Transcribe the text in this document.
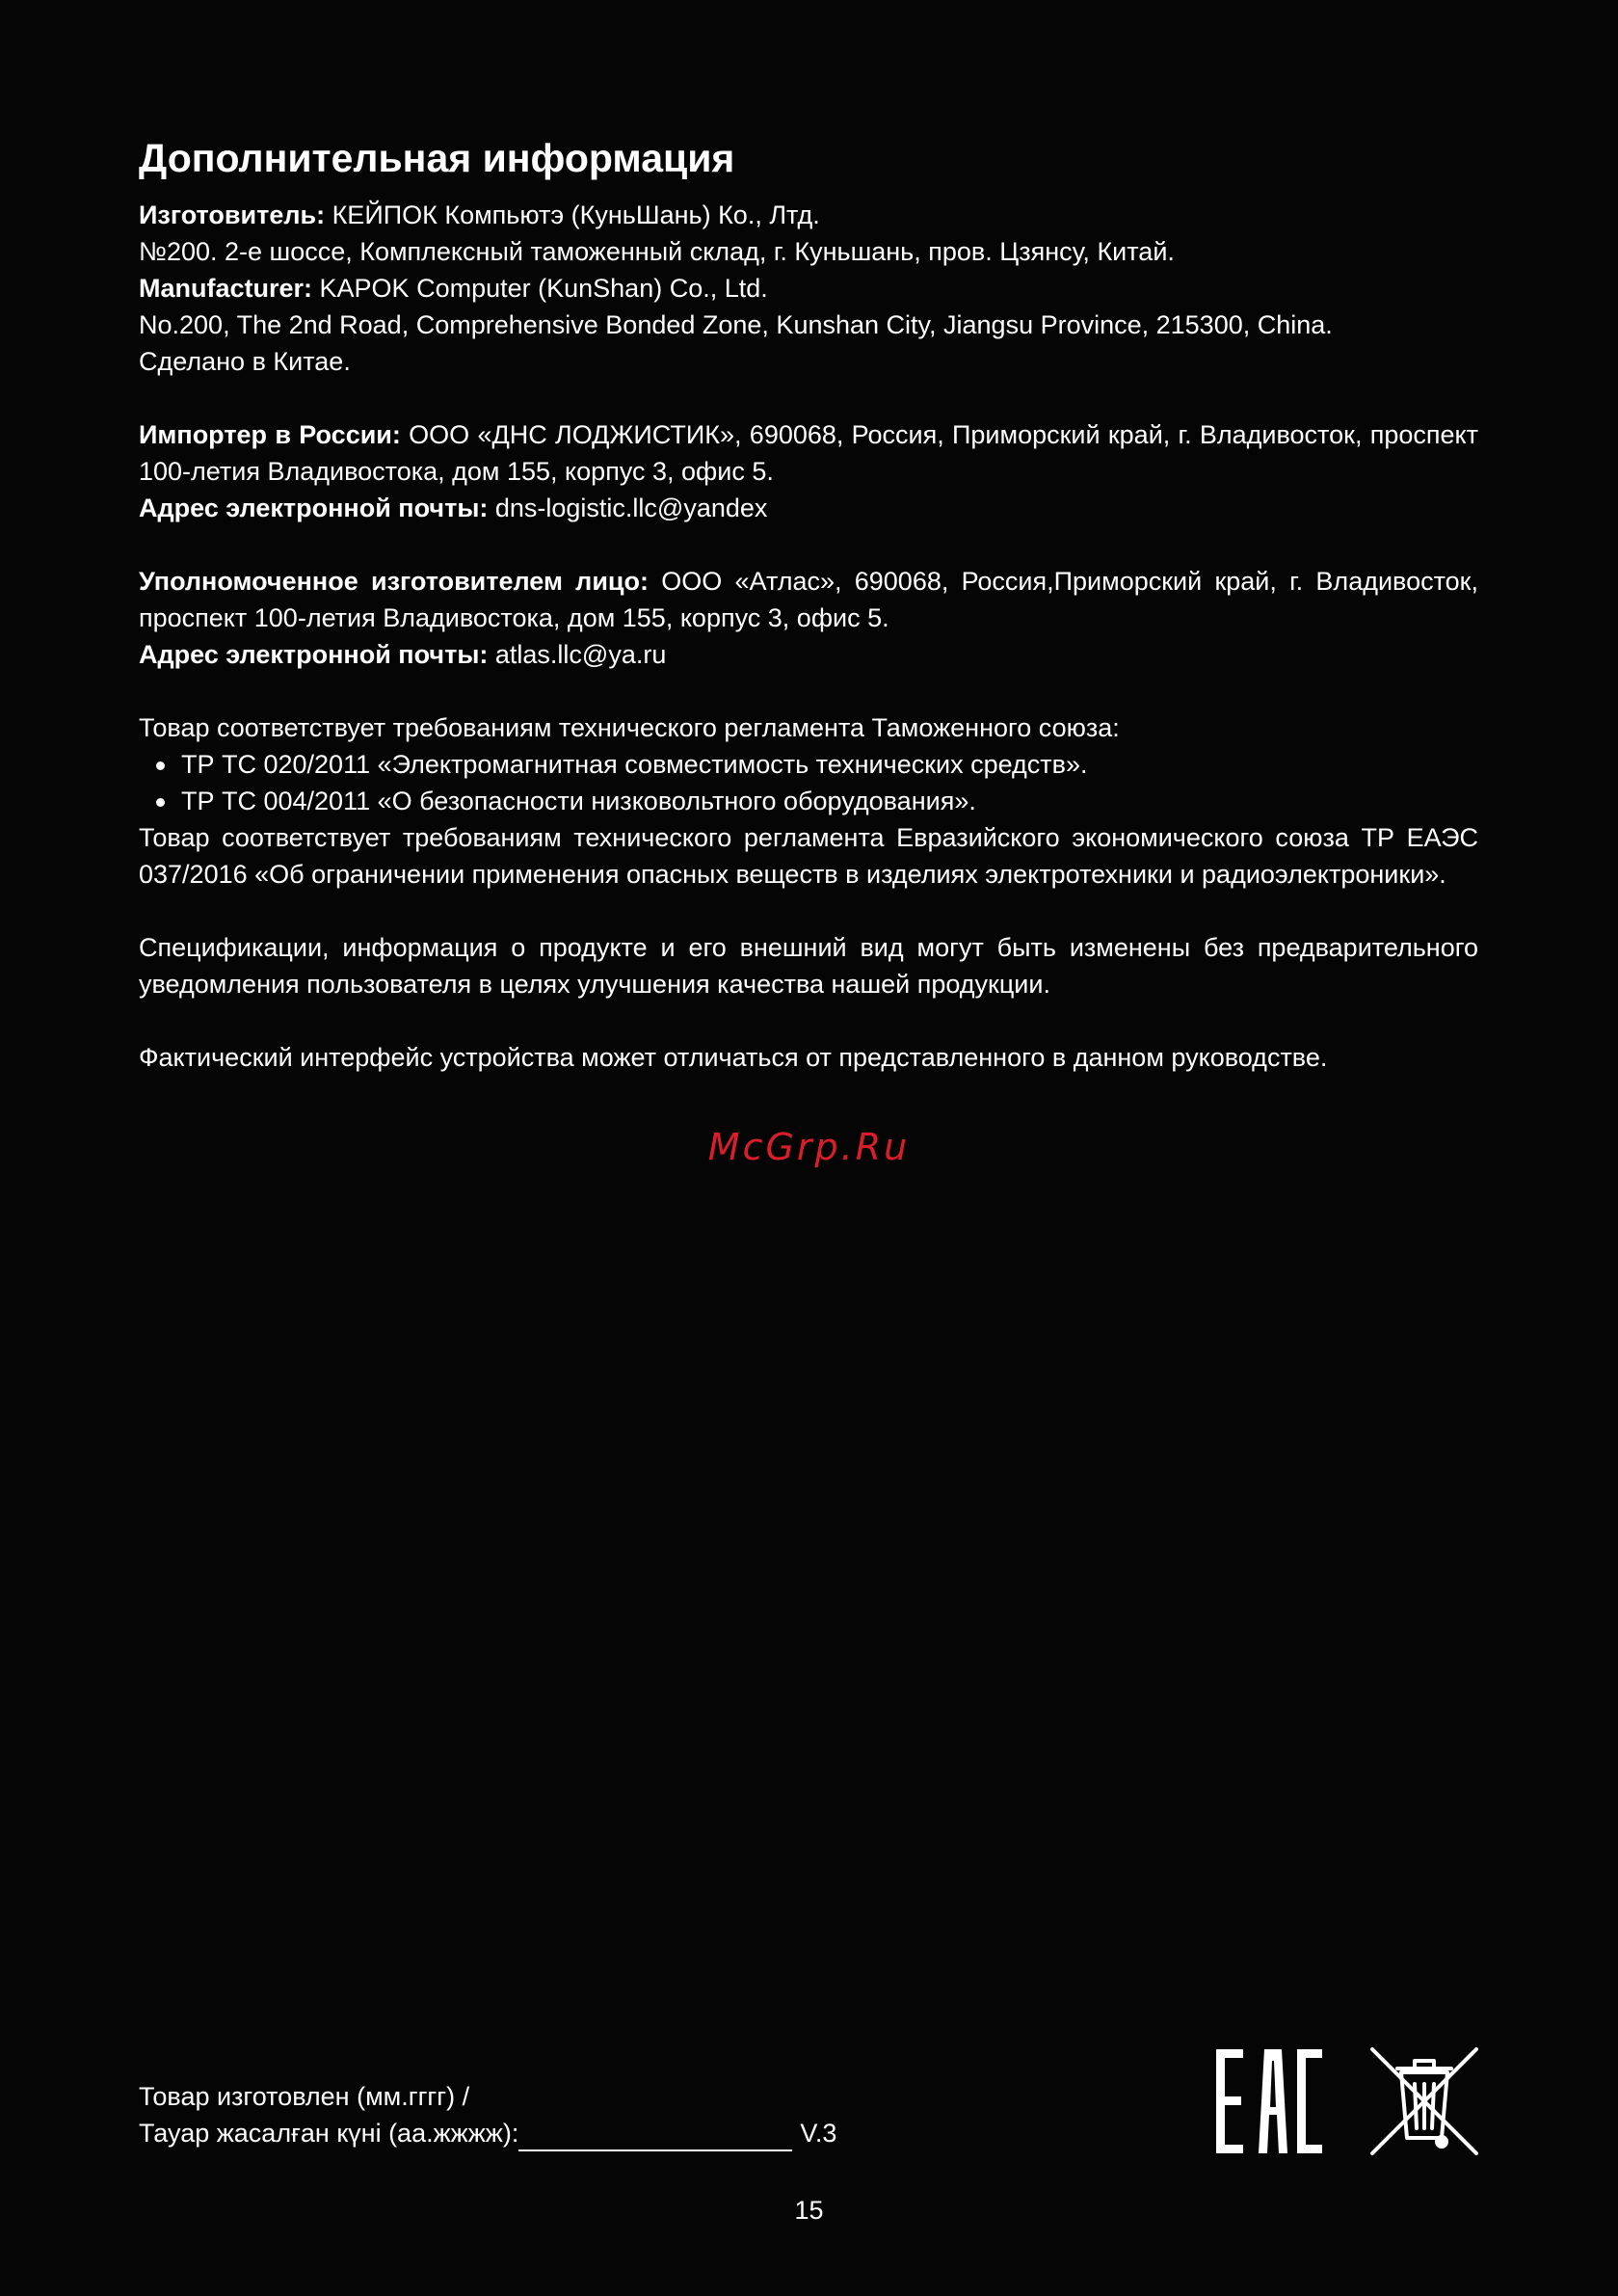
Дополнительная информация

Изготовитель: КЕЙПОК Компьютэ (КуньШань) Ко., Лтд.

№200. 2-е шоссе, Комплексный таможенный склад, г. Куньшань, пров. Цзянсу, Китай.

Manufacturer: KAPOK Computer (KunShan) Co., Ltd.

No.200, The 2nd Road, Comprehensive Bonded Zone, Kunshan City, Jiangsu Province, 215300, China.

Сделано в Китае.

Импортер в России: ООО «ДНС ЛОДЖИСТИК», 690068, Россия, Приморский край, г. Владивосток, проспект 100-летия Владивостока, дом 155, корпус 3, офис 5.

Адрес электронной почты: dns-logistic.llc@yandex

Уполномоченное изготовителем лицо: ООО «Атлас», 690068, Россия,Приморский край, г. Владивосток, проспект 100-летия Владивостока, дом 155, корпус 3, офис 5.

Адрес электронной почты: atlas.llc@ya.ru

Товар соответствует требованиям технического регламента Таможенного союза:

ТР ТС 020/2011 «Электромагнитная совместимость технических средств».
ТР ТС 004/2011 «О безопасности низковольтного оборудования».

Товар соответствует требованиям технического регламента Евразийского экономического союза ТР ЕАЭС 037/2016 «Об ограничении применения опасных веществ в изделиях электротехники и радиоэлектроники».

Спецификации, информация о продукте и его внешний вид могут быть изменены без предварительного уведомления пользователя в целях улучшения качества нашей продукции.

Фактический интерфейс устройства может отличаться от представленного в данном руководстве.

McGrp.Ru
Товар изготовлен (мм.гггг) /
Тауар жасалған күні (аа.жжжж):	V.3
15
